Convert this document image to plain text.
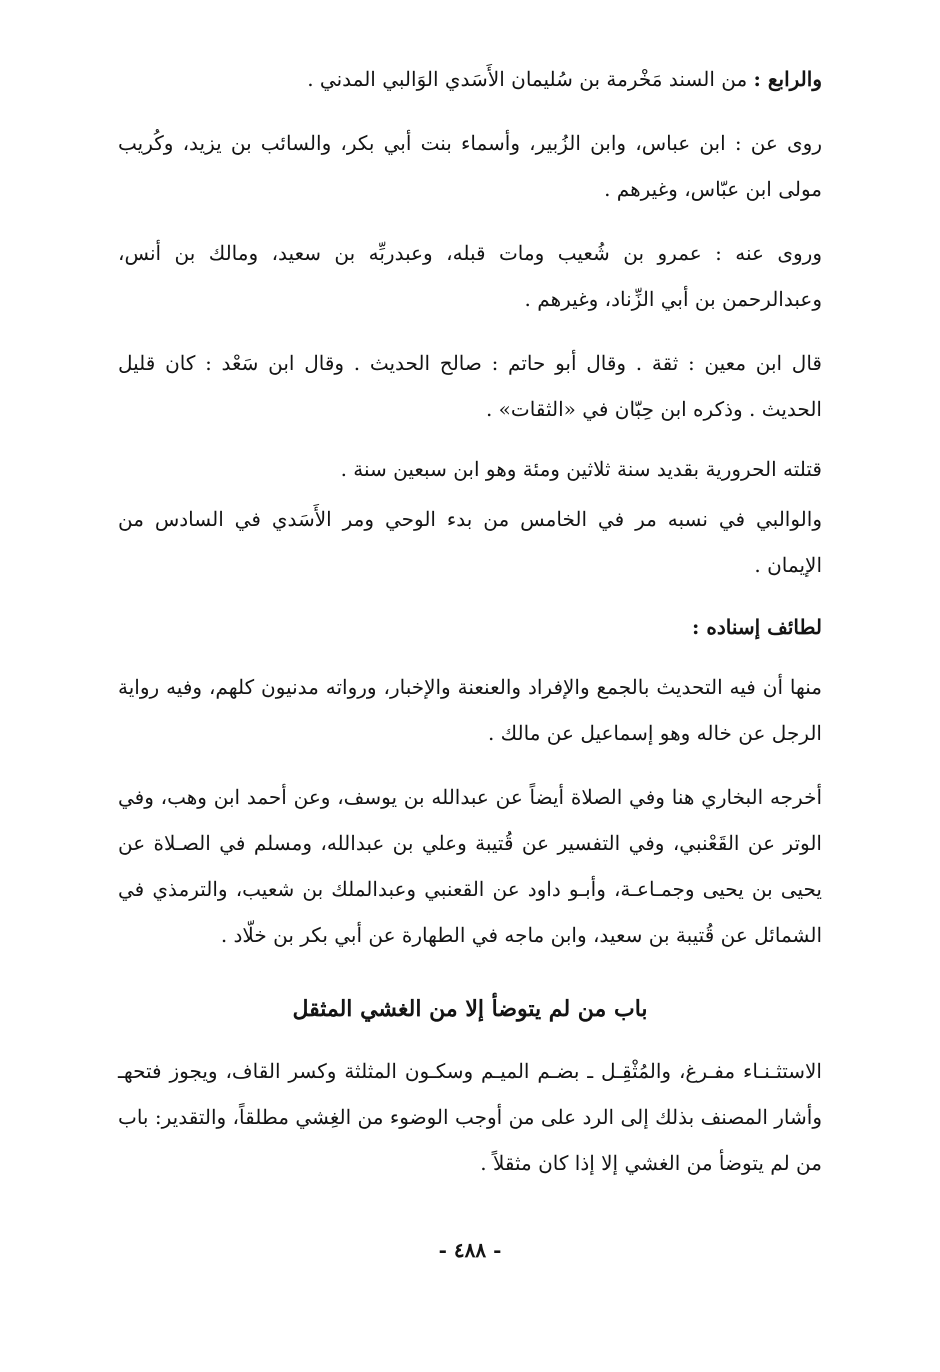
والرابع : من السند مَخْرمة بن سُليمان الأَسَدي الوَالبي المدني .

روى عن : ابن عباس، وابن الزُبير، وأسماء بنت أبي بكر، والسائب بن يزيد، وكُريب مولى ابن عبّاس، وغيرهم .

وروى عنه : عمرو بن شُعيب ومات قبله، وعبدربِّه بن سعيد، ومالك بن أنس، وعبدالرحمن بن أبي الزِّناد، وغيرهم .

قال ابن معين : ثقة . وقال أبو حاتم : صالح الحديث . وقال ابن سَعْد : كان قليل الحديث . وذكره ابن حِبّان في «الثقات» .

قتلته الحرورية بقديد سنة ثلاثين ومئة وهو ابن سبعين سنة .

والوالبي في نسبه مر في الخامس من بدء الوحي ومر الأَسَدي في السادس من الإيمان .

لطائف إسناده :

منها أن فيه التحديث بالجمع والإفراد والعنعنة والإخبار، ورواته مدنيون كلهم، وفيه رواية الرجل عن خاله وهو إسماعيل عن مالك .

أخرجه البخاري هنا وفي الصلاة أيضاً عن عبدالله بن يوسف، وعن أحمد ابن وهب، وفي الوتر عن القَعْنبي، وفي التفسير عن قُتيبة وعلي بن عبدالله، ومسلم في الصـلاة عن يحيى بن يحيى وجمـاعـة، وأبـو داود عن القعنبي وعبدالملك بن شعيب، والترمذي في الشمائل عن قُتيبة بن سعيد، وابن ماجه في الطهارة عن أبي بكر بن خلّاد .

باب من لم يتوضأ إلا من الغشي المثقل

الاستثـنـاء مفـرغ، والمُثْقِـل ـ بضـم الميـم وسكـون المثلثة وكسر القاف، ويجوز فتحهـ وأشار المصنف بذلك إلى الرد على من أوجب الوضوء من الغِشي مطلقاً، والتقدير: باب من لم يتوضأ من الغشي إلا إذا كان مثقلاً .

- ٤٨٨ -
